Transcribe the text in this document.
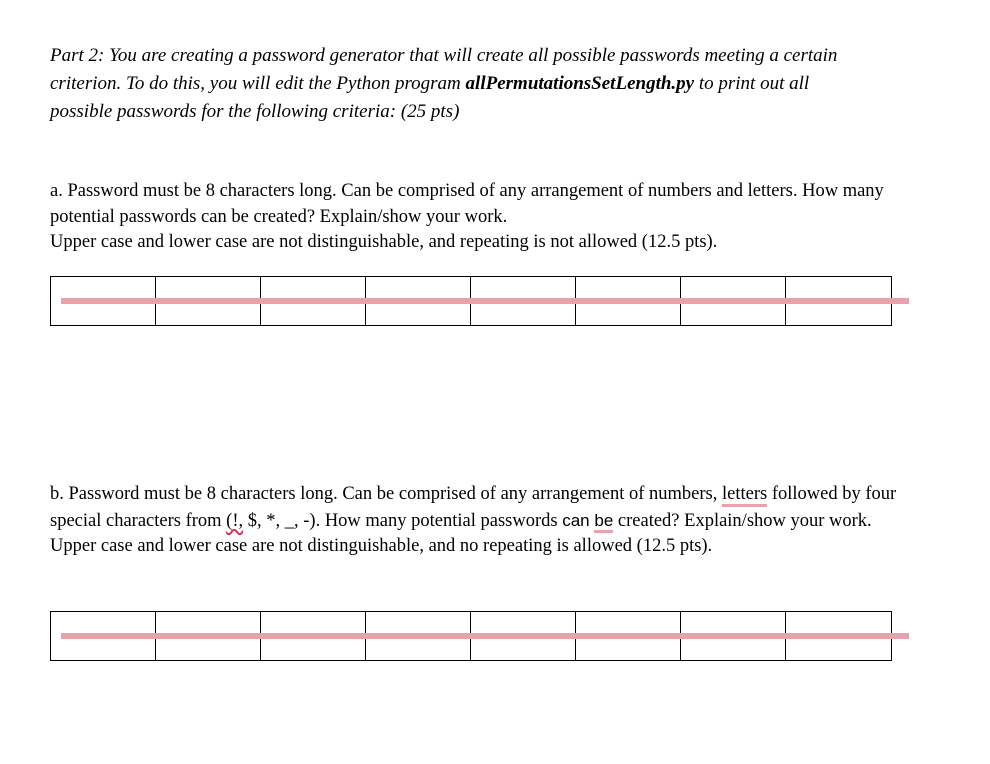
Part 2: You are creating a password generator that will create all possible passwords meeting a certain criterion. To do this, you will edit the Python program allPermutationsSetLength.py to print out all possible passwords for the following criteria: (25 pts)

a. Password must be 8 characters long. Can be comprised of any arrangement of numbers and letters. How many potential passwords can be created? Explain/show your work.
Upper case and lower case are not distinguishable, and repeating is not allowed (12.5 pts).

b. Password must be 8 characters long. Can be comprised of any arrangement of numbers, letters followed by four special characters from (!, $, *, _, -). How many potential passwords can be created? Explain/show your work. Upper case and lower case are not distinguishable, and no repeating is allowed (12.5 pts).
